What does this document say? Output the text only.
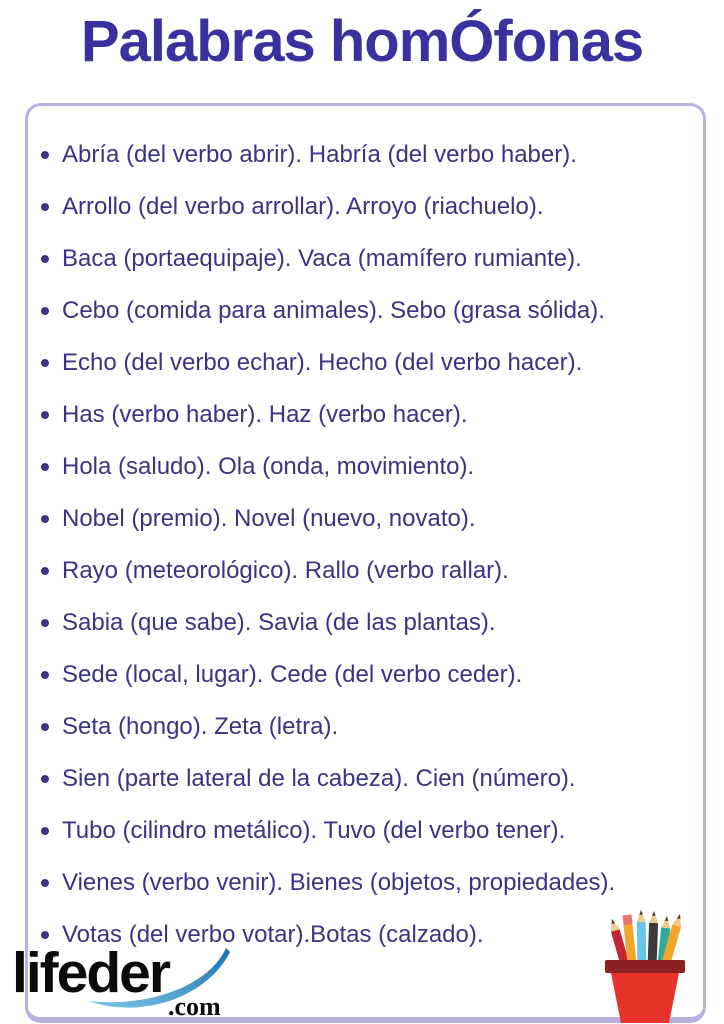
Palabras homÓfonas
Abría (del verbo abrir). Habría (del verbo haber).
Arrollo (del verbo arrollar). Arroyo (riachuelo).
Baca (portaequipaje). Vaca (mamífero rumiante).
Cebo (comida para animales). Sebo (grasa sólida).
Echo (del verbo echar). Hecho (del verbo hacer).
Has (verbo haber). Haz (verbo hacer).
Hola (saludo). Ola (onda, movimiento).
Nobel (premio). Novel (nuevo, novato).
Rayo (meteorológico). Rallo (verbo rallar).
Sabia (que sabe). Savia (de las plantas).
Sede (local, lugar). Cede (del verbo ceder).
Seta (hongo). Zeta (letra).
Sien (parte lateral de la cabeza). Cien (número).
Tubo (cilindro metálico). Tuvo (del verbo tener).
Vienes (verbo venir). Bienes (objetos, propiedades).
Votas (del verbo votar).Botas (calzado).
lifeder
.com
